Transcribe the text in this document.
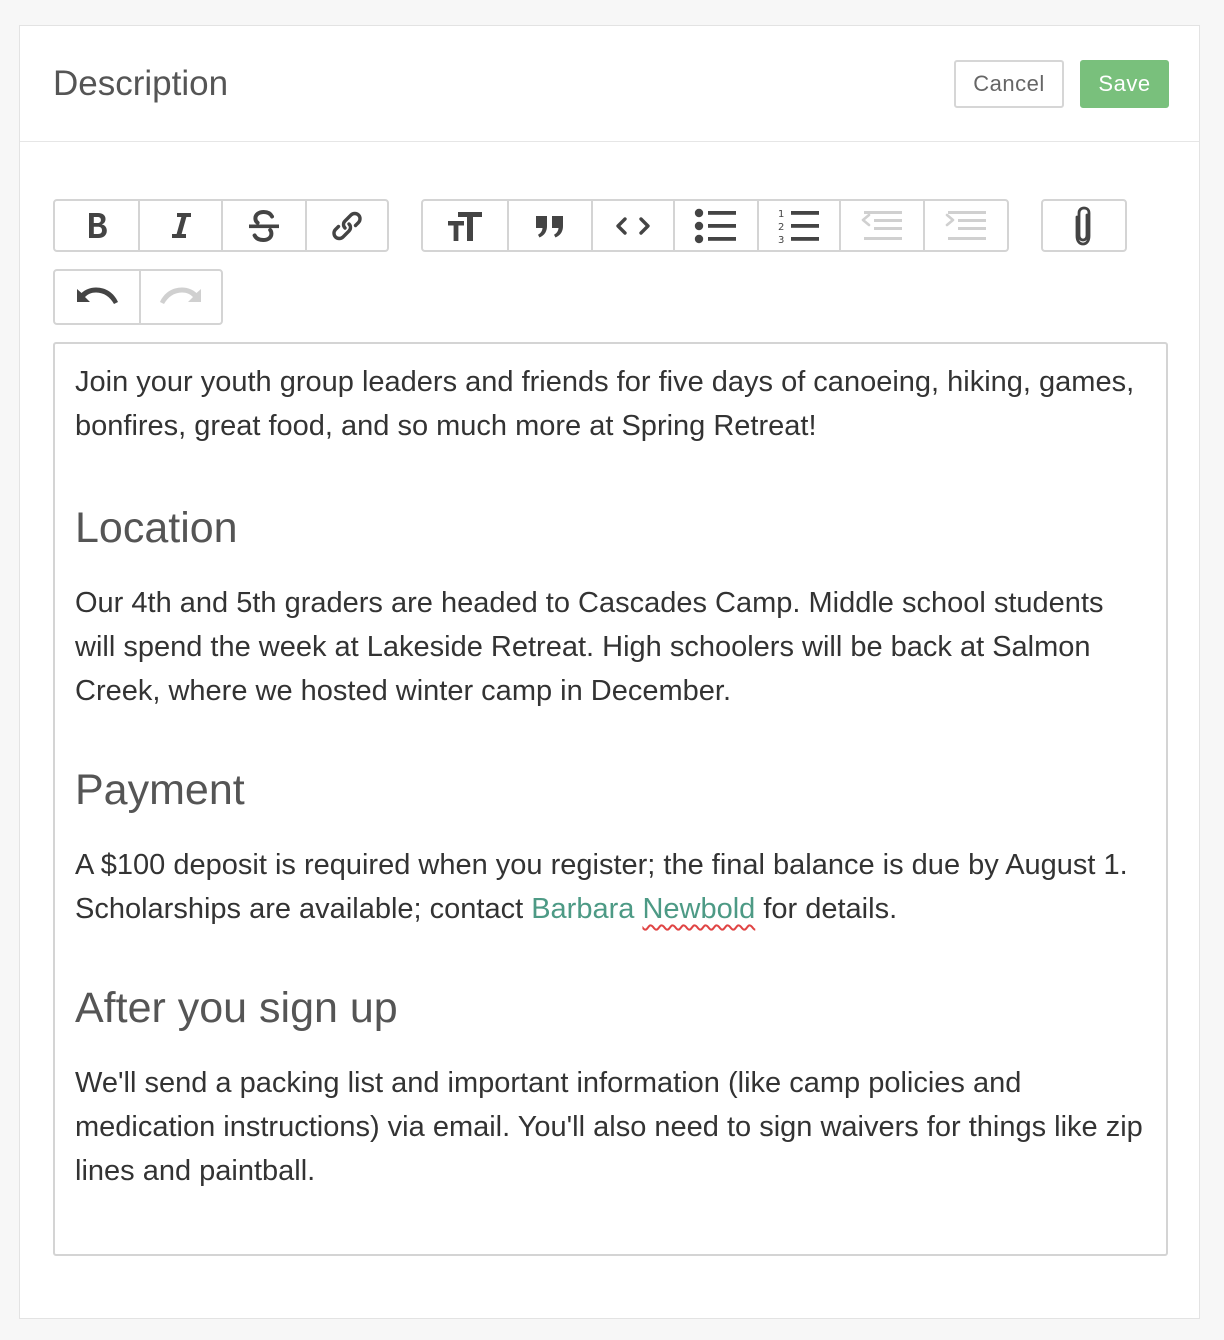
Description	Cancel	Save
1
2
3

Join your youth group leaders and friends for five days of canoeing, hiking, games, bonfires, great food, and so much more at Spring Retreat!

Location

Our 4th and 5th graders are headed to Cascades Camp. Middle school students will spend the week at Lakeside Retreat. High schoolers will be back at Salmon Creek, where we hosted winter camp in December.

Payment

A $100 deposit is required when you register; the final balance is due by August 1. Scholarships are available; contact Barbara Newbold for details.

After you sign up

We'll send a packing list and important information (like camp policies and medication instructions) via email. You'll also need to sign waivers for things like zip lines and paintball.
